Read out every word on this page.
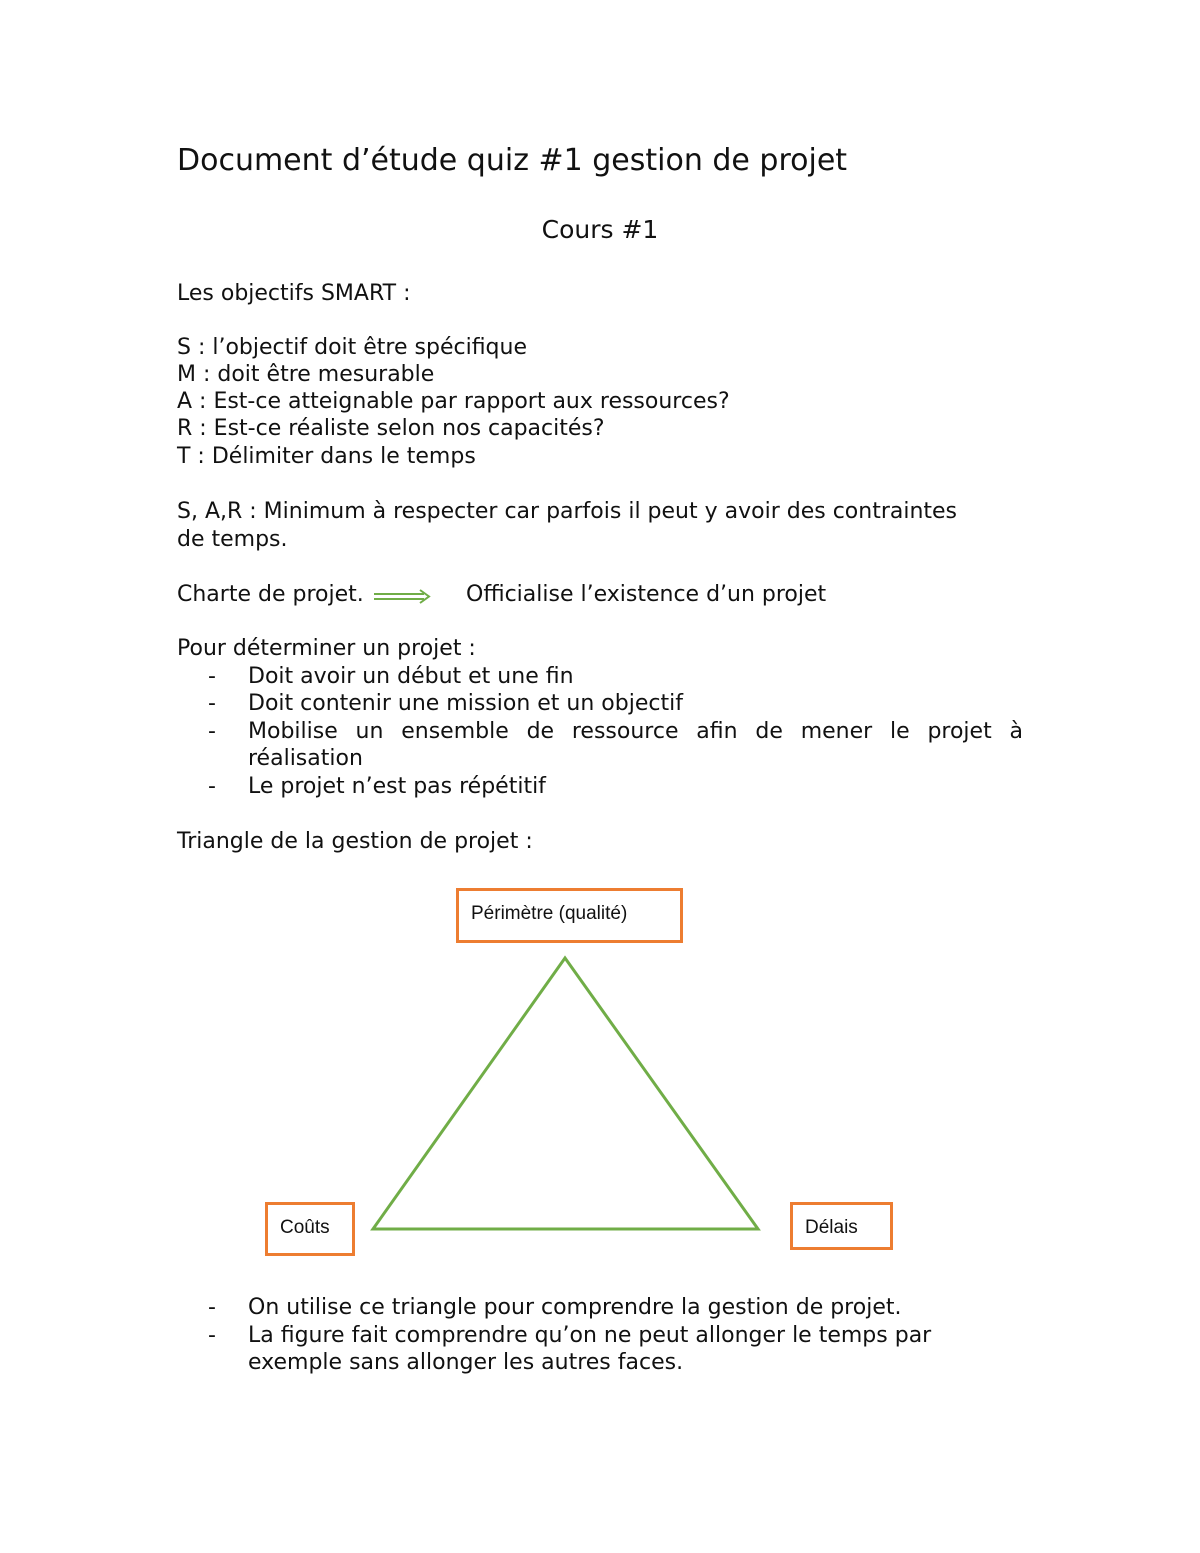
Document d’étude quiz #1 gestion de projet
Cours #1
Les objectifs SMART :
S : l’objectif doit être spécifique
M : doit être mesurable
A : Est-ce atteignable par rapport aux ressources?
R : Est-ce réaliste selon nos capacités?
T : Délimiter dans le temps
S, A,R : Minimum à respecter car parfois il peut y avoir des contraintes
de temps.
Charte de projet.	Officialise l’existence d’un projet
Pour déterminer un projet :
- Doit avoir un début et une fin
- Doit contenir une mission et un objectif
- Mobilise un ensemble de ressource afin de mener le projet à
réalisation
- Le projet n’est pas répétitif
Triangle de la gestion de projet :
Périmètre (qualité)
Coûts	Délais
- On utilise ce triangle pour comprendre la gestion de projet.
- La figure fait comprendre qu’on ne peut allonger le temps par
exemple sans allonger les autres faces.
